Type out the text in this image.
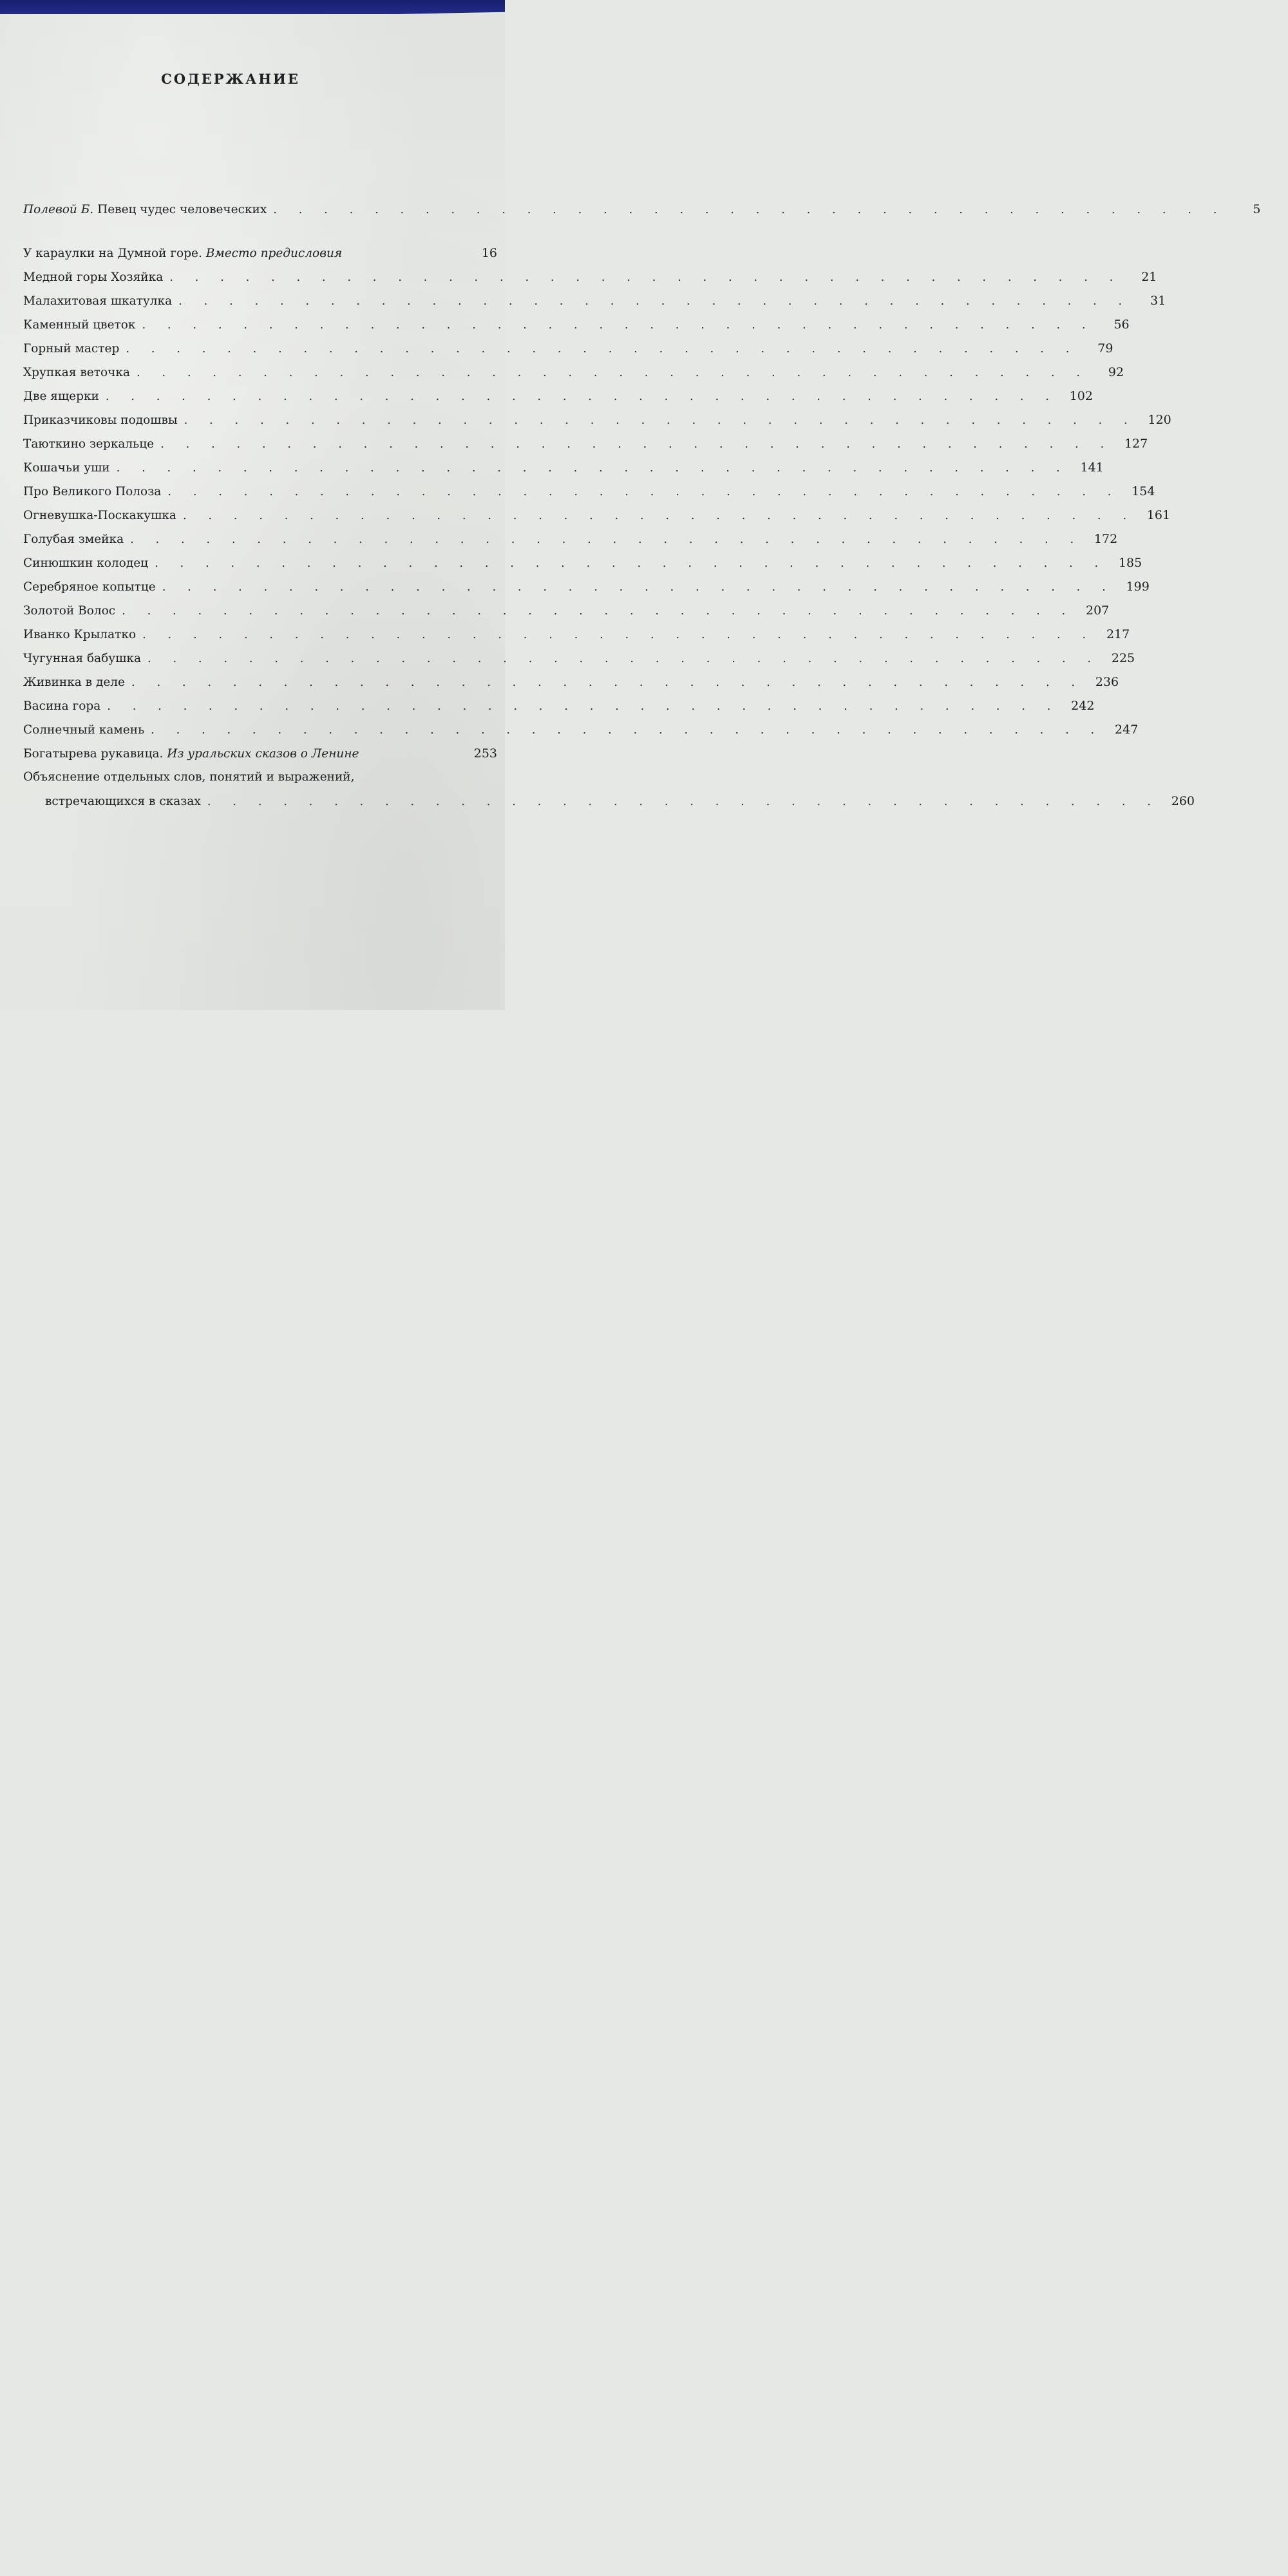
СОДЕРЖАНИЕ
Полевой Б. Певец чудес человеческих . . . . . . . . . . . . . . . . . . . . . . . . . . . . . . . . . . . . . .	5
У караулки на Думной горе. Вместо предисловия	16
Медной горы Хозяйка . . . . . . . . . . . . . . . . . . . . . . . . . . . . . . . . . . . . . .	21
Малахитовая шкатулка . . . . . . . . . . . . . . . . . . . . . . . . . . . . . . . . . . . . . .	31
Каменный цветок . . . . . . . . . . . . . . . . . . . . . . . . . . . . . . . . . . . . . .	56
Горный мастер . . . . . . . . . . . . . . . . . . . . . . . . . . . . . . . . . . . . . .	79
Хрупкая веточка . . . . . . . . . . . . . . . . . . . . . . . . . . . . . . . . . . . . . .	92
Две ящерки . . . . . . . . . . . . . . . . . . . . . . . . . . . . . . . . . . . . . . 102
Приказчиковы подошвы . . . . . . . . . . . . . . . . . . . . . . . . . . . . . . . . . . . . . . 120
Таюткино зеркальце . . . . . . . . . . . . . . . . . . . . . . . . . . . . . . . . . . . . . . 127
Кошачьи уши . . . . . . . . . . . . . . . . . . . . . . . . . . . . . . . . . . . . . . 141
Про Великого Полоза . . . . . . . . . . . . . . . . . . . . . . . . . . . . . . . . . . . . . . 154
Огневушка-Поскакушка . . . . . . . . . . . . . . . . . . . . . . . . . . . . . . . . . . . . . . 161
Голубая змейка . . . . . . . . . . . . . . . . . . . . . . . . . . . . . . . . . . . . . . 172
Синюшкин колодец . . . . . . . . . . . . . . . . . . . . . . . . . . . . . . . . . . . . . . 185
Серебряное копытце . . . . . . . . . . . . . . . . . . . . . . . . . . . . . . . . . . . . . . 199
Золотой Волос . . . . . . . . . . . . . . . . . . . . . . . . . . . . . . . . . . . . . . 207
Иванко Крылатко . . . . . . . . . . . . . . . . . . . . . . . . . . . . . . . . . . . . . . 217
Чугунная бабушка . . . . . . . . . . . . . . . . . . . . . . . . . . . . . . . . . . . . . . 225
Живинка в деле . . . . . . . . . . . . . . . . . . . . . . . . . . . . . . . . . . . . . . 236
Васина гора . . . . . . . . . . . . . . . . . . . . . . . . . . . . . . . . . . . . . . 242
Солнечный камень . . . . . . . . . . . . . . . . . . . . . . . . . . . . . . . . . . . . . . 247
Богатырева рукавица. Из уральских сказов о Ленине	253
Объяснение отдельных слов, понятий и выражений,
встречающихся в сказах . . . . . . . . . . . . . . . . . . . . . . . . . . . . . . . . . . . . . . 260
